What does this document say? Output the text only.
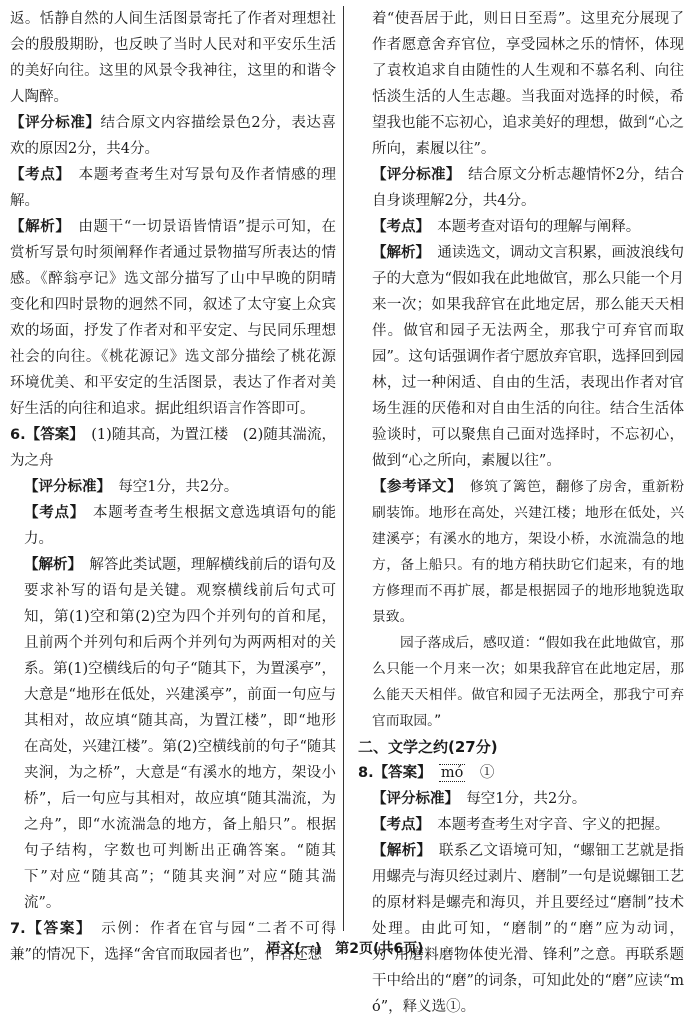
返。恬静自然的人间生活图景寄托了作者对理想社会的殷殷期盼，也反映了当时人民对和平安乐生活的美好向往。这里的风景令我神往，这里的和谐令人陶醉。

【评分标准】结合原文内容描绘景色2分，表达喜欢的原因2分，共4分。

【考点】　 本题考查考生对写景句及作者情感的理解。

【解析】　 由题干“一切景语皆情语”提示可知，在赏析写景句时须阐释作者通过景物描写所表达的情感。《醉翁亭记》选文部分描写了山中早晚的阴晴变化和四时景物的迥然不同，叙述了太守宴上众宾欢的场面，抒发了作者对和平安定、与民同乐理想社会的向往。《桃花源记》选文部分描绘了桃花源环境优美、和平安定的生活图景，表达了作者对美好生活的向往和追求。据此组织语言作答即可。

6.【答案】　 (1)随其高，为置江楼　(2)随其湍流，为之舟

【评分标准】　 每空1分，共2分。

【考点】　 本题考查考生根据文意选填语句的能力。

【解析】　 解答此类试题，理解横线前后的语句及要求补写的语句是关键。观察横线前后句式可知，第(1)空和第(2)空为四个并列句的首和尾，且前两个并列句和后两个并列句为两两相对的关系。第(1)空横线后的句子“随其下，为置溪亭”，大意是“地形在低处，兴建溪亭”，前面一句应与其相对，故应填“随其高，为置江楼”，即“地形在高处，兴建江楼”。第(2)空横线前的句子“随其夹涧，为之桥”，大意是“有溪水的地方，架设小桥”，后一句应与其相对，故应填“随其湍流，为之舟”，即“水流湍急的地方，备上船只”。根据句子结构，字数也可判断出正确答案。“随其下”对应“随其高”；“随其夹涧”对应“随其湍流”。

7.【答案】　 示例：作者在官与园“二者不可得兼”的情况下，选择“舍官而取园者也”，作者还想

着“使吾居于此，则日日至焉”。这里充分展现了作者愿意舍弃官位，享受园林之乐的情怀，体现了袁枚追求自由随性的人生观和不慕名利、向往恬淡生活的人生志趣。当我面对选择的时候，希望我也能不忘初心，追求美好的理想，做到“心之所向，素履以往”。

【评分标准】　 结合原文分析志趣情怀2分，结合自身谈理解2分，共4分。

【考点】　 本题考查对语句的理解与阐释。

【解析】　 通读选文，调动文言积累，画波浪线句子的大意为“假如我在此地做官，那么只能一个月来一次；如果我辞官在此地定居，那么能天天相伴。做官和园子无法两全，那我宁可弃官而取园”。这句话强调作者宁愿放弃官职，选择回到园林，过一种闲适、自由的生活，表现出作者对官场生涯的厌倦和对自由生活的向往。结合生活体验谈时，可以聚焦自己面对选择时，不忘初心，做到“心之所向，素履以往”。

【参考译文】　 修筑了篱笆，翻修了房舍，重新粉刷装饰。地形在高处，兴建江楼；地形在低处，兴建溪亭；有溪水的地方，架设小桥，水流湍急的地方，备上船只。有的地方稍扶助它们起来，有的地方修理而不再扩展，都是根据园子的地形地貌选取景致。

园子落成后，感叹道：“假如我在此地做官，那么只能一个月来一次；如果我辞官在此地定居，那么能天天相伴。做官和园子无法两全，那我宁可弃官而取园。”

二、文学之约(27分)

8.【答案】　 mó　 ①

【评分标准】　 每空1分，共2分。

【考点】　 本题考查考生对字音、字义的把握。

【解析】　 联系乙文语境可知，“螺钿工艺就是指用螺壳与海贝经过剥片、磨制”一句是说螺钿工艺的原材料是螺壳和海贝，并且要经过“磨制”技术处理。由此可知，“磨制”的“磨”应为动词，为“用磨料磨物体使光滑、锋利”之意。再联系题干中给出的“磨”的词条，可知此处的“磨”应读“mó”，释义选①。

语文(一)　第2页(共6页)
